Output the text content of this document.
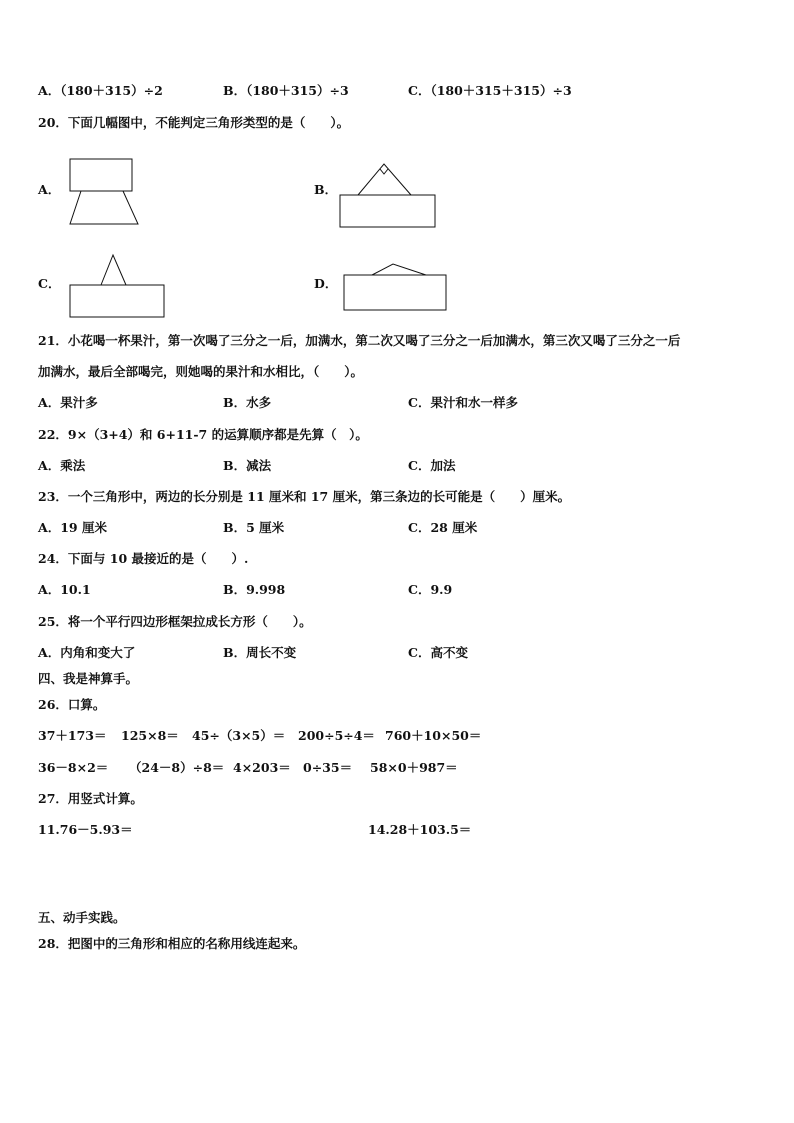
A．（180＋315）÷2	B．（180＋315）÷3	C．（180＋315＋315）÷3
20．下面几幅图中，不能判定三角形类型的是（　　）。
A．	B．
C．	D．
21．小花喝一杯果汁，第一次喝了三分之一后，加满水，第二次又喝了三分之一后加满水，第三次又喝了三分之一后
加满水，最后全部喝完，则她喝的果汁和水相比，（　　）。
A．果汁多	B．水多	C．果汁和水一样多
22．9×（3+4）和 6+11-7 的运算顺序都是先算（　）。
A．乘法	B．减法	C．加法
23．一个三角形中，两边的长分别是 11 厘米和 17 厘米，第三条边的长可能是（　　）厘米。
A．19 厘米	B．5 厘米	C．28 厘米
24．下面与 10 最接近的是（　　）.
A．10.1	B．9.998	C．9.9
25．将一个平行四边形框架拉成长方形（　　）。
A．内角和变大了	B．周长不变	C．高不变
四、我是神算手。
26．口算。
37＋173＝ 125×8＝ 45÷（3×5）＝ 200÷5÷4＝ 760＋10×50＝
36－8×2＝ （24－8）÷8＝ 4×203＝ 0÷35＝ 58×0＋987＝
27．用竖式计算。
11.76－5.93＝	14.28＋103.5＝
五、动手实践。
28．把图中的三角形和相应的名称用线连起来。
